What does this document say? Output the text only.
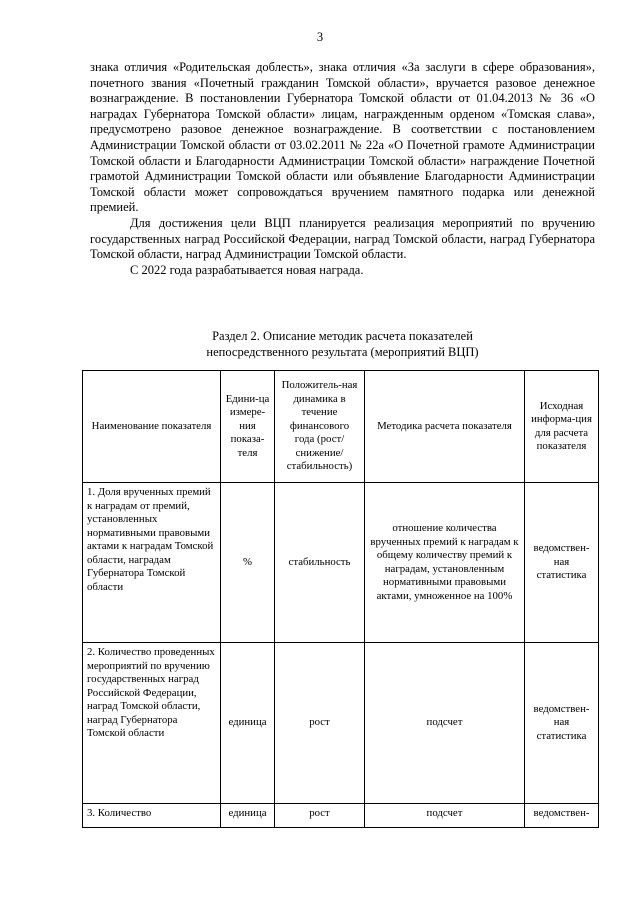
3

знака отличия «Родительская доблесть», знака отличия «За заслуги в сфере образования», почетного звания «Почетный гражданин Томской области», вручается разовое денежное вознаграждение. В постановлении Губернатора Томской области от 01.04.2013 № 36 «О наградах Губернатора Томской области» лицам, награжденным орденом «Томская слава», предусмотрено разовое денежное вознаграждение. В соответствии с постановлением Администрации Томской области от 03.02.2011 № 22а «О Почетной грамоте Администрации Томской области и Благодарности Администрации Томской области» награждение Почетной грамотой Администрации Томской области или объявление Благодарности Администрации Томской области может сопровождаться вручением памятного подарка или денежной премией.

Для достижения цели ВЦП планируется реализация мероприятий по вручению государственных наград Российской Федерации, наград Томской области, наград Губернатора Томской области, наград Администрации Томской области.

С 2022 года разрабатывается новая награда.

Раздел 2. Описание методик расчета показателей
непосредственного результата (мероприятий ВЦП)
Наименование показателя	Едини-ца измере-ния показа-теля	Положитель-ная динамика в течение финансового года (рост/ снижение/ стабильность)	Методика расчета показателя	Исходная информа-ция для расчета показателя
1. Доля врученных премий к наградам от премий, установленных нормативными правовыми актами к наградам Томской области, наградам Губернатора Томской области	%	стабильность	отношение количества врученных премий к наградам к общему количеству премий к наградам, установленным нормативными правовыми актами, умноженное на 100%	ведомствен-ная статистика
2. Количество проведенных мероприятий по вручению государственных наград Российской Федерации, наград Томской области, наград Губернатора Томской области	единица	рост	подсчет	ведомствен-ная статистика
3. Количество	единица	рост	подсчет	ведомствен-
